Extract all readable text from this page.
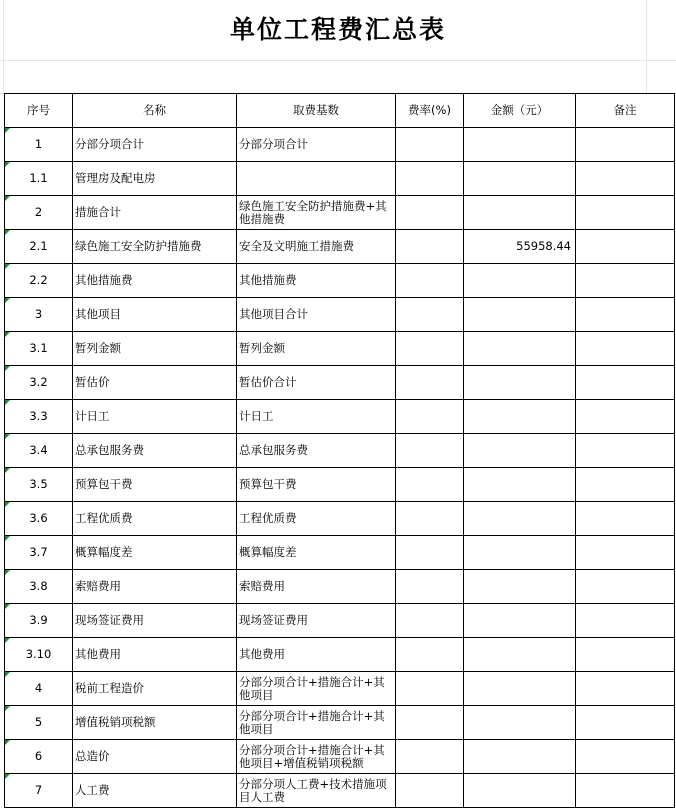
单位工程费汇总表
序号	名称	取费基数	费率(%)	金额（元）	备注

1	分部分项合计	分部分项合计			

1.1	管理房及配电房				

2	措施合计	绿色施工安全防护措施费+其他措施费			

2.1	绿色施工安全防护措施费	安全及文明施工措施费		55958.44	

2.2	其他措施费	其他措施费			

3	其他项目	其他项目合计			

3.1	暂列金额	暂列金额			

3.2	暂估价	暂估价合计			

3.3	计日工	计日工			

3.4	总承包服务费	总承包服务费			

3.5	预算包干费	预算包干费			

3.6	工程优质费	工程优质费			

3.7	概算幅度差	概算幅度差			

3.8	索赔费用	索赔费用			

3.9	现场签证费用	现场签证费用			

3.10	其他费用	其他费用			

4	税前工程造价	分部分项合计+措施合计+其他项目			

5	增值税销项税额	分部分项合计+措施合计+其他项目			

6	总造价	分部分项合计+措施合计+其他项目+增值税销项税额			

7	人工费	分部分项人工费+技术措施项目人工费			
